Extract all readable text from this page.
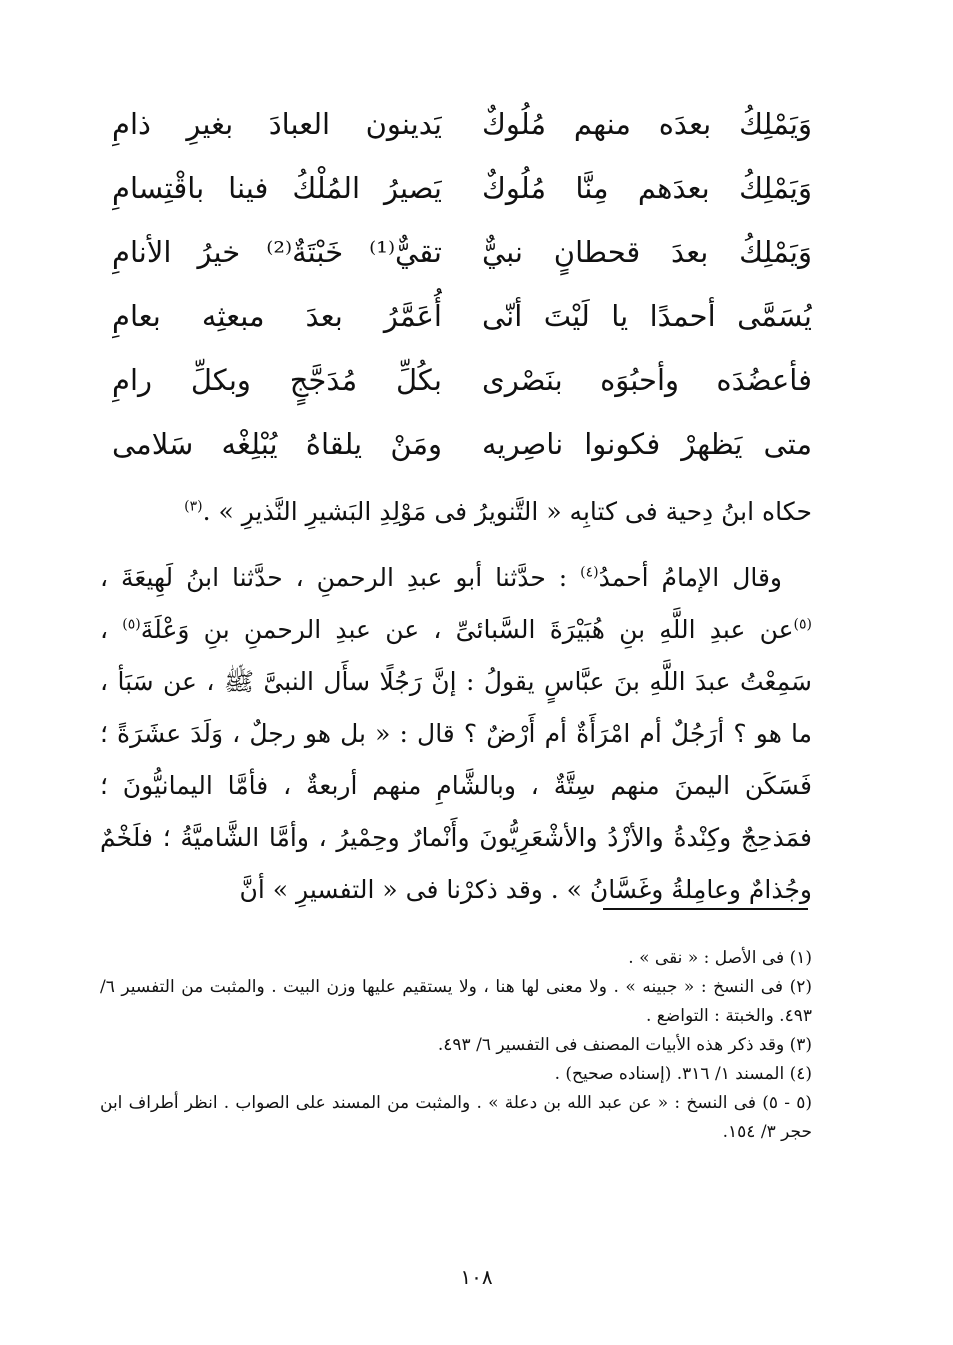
وَيَمْلِكُ بعدَه منهم مُلُوكٌ
يَدينون العبادَ بغيرِ ذامِ
وَيَمْلِكُ بعدَهم مِنَّا مُلُوكٌ
يَصيرُ المُلْكُ فينا باقْتِسامِ
وَيَمْلِكُ بعدَ قحطانٍ نبيٌّ
تقيٌّ⁽¹⁾ خَبْتَةٌ⁽²⁾ خيرُ الأنامِ
يُسَمَّى أحمدًا يا لَيْتَ أنّى
أُعَمَّرُ بعدَ مبعثِه بعامِ
فأعضُدَه وأحبُوَه بنَصْرى
بكُلِّ مُدَجَّجٍ وبكلِّ رامِ
متى يَظهرْ فكونوا ناصِريه
ومَنْ يلقاهُ يُبْلِغْه سَلامى
حكاه ابنُ دِحية فى كتابِه « التَّنويرُ فى مَوْلِدِ البَشيرِ النَّذيرِ » .$^{(٣)}$

وقال الإمامُ أحمدُ$^{(٤)}$ : حدَّثنا أبو عبدِ الرحمنِ ، حدَّثنا ابنُ لَهِيعَةَ ، $^{(٥)}$عن عبدِ اللَّهِ بنِ هُبَيْرَةَ السَّبائىِّ ، عن عبدِ الرحمنِ بنِ وَعْلَةَ$^{(٥)}$ ، سَمِعْتُ عبدَ اللَّهِ بنَ عبَّاسٍ يقولُ : إنَّ رَجُلًا سأَل النبىَّ ﷺ ، عن سَبَأ ، ما هو ؟ أرَجُلٌ أم امْرَأَةٌ أم أَرْضٌ ؟ قال : « بل هو رجلٌ ، وَلَدَ عشَرَةً ؛ فَسَكَن اليمنَ منهم سِتَّةٌ ، وبالشَّامِ منهم أربعةٌ ، فأمَّا اليمانيُّونَ ؛ فمَذحِجٌ وكِنْدةُ والأزْدُ والأشْعَرِيُّونَ وأَنْمارٌ وحِمْيرُ ، وأمَّا الشَّاميَّةُ ؛ فلَخْمٌ وجُذامٌ وعامِلةُ وغَسَّانُ » . وقد ذكرْنا فى « التفسيرِ » أنَّ

(١) فى الأصل : « نقى » .

(٢) فى النسخ : « جبينه » . ولا معنى لها هنا ، ولا يستقيم عليها وزن البيت . والمثبت من التفسير ٦/ ٤٩٣. والخبتة : التواضع .

(٣) وقد ذكر هذه الأبيات المصنف فى التفسير ٦/ ٤٩٣.

(٤) المسند ١/ ٣١٦. (إسناده صحيح) .

(٥ - ٥) فى النسخ : « عن عبد الله بن دعلة » . والمثبت من المسند على الصواب . انظر أطراف ابن حجر ٣/ ١٥٤.

١٠٨
